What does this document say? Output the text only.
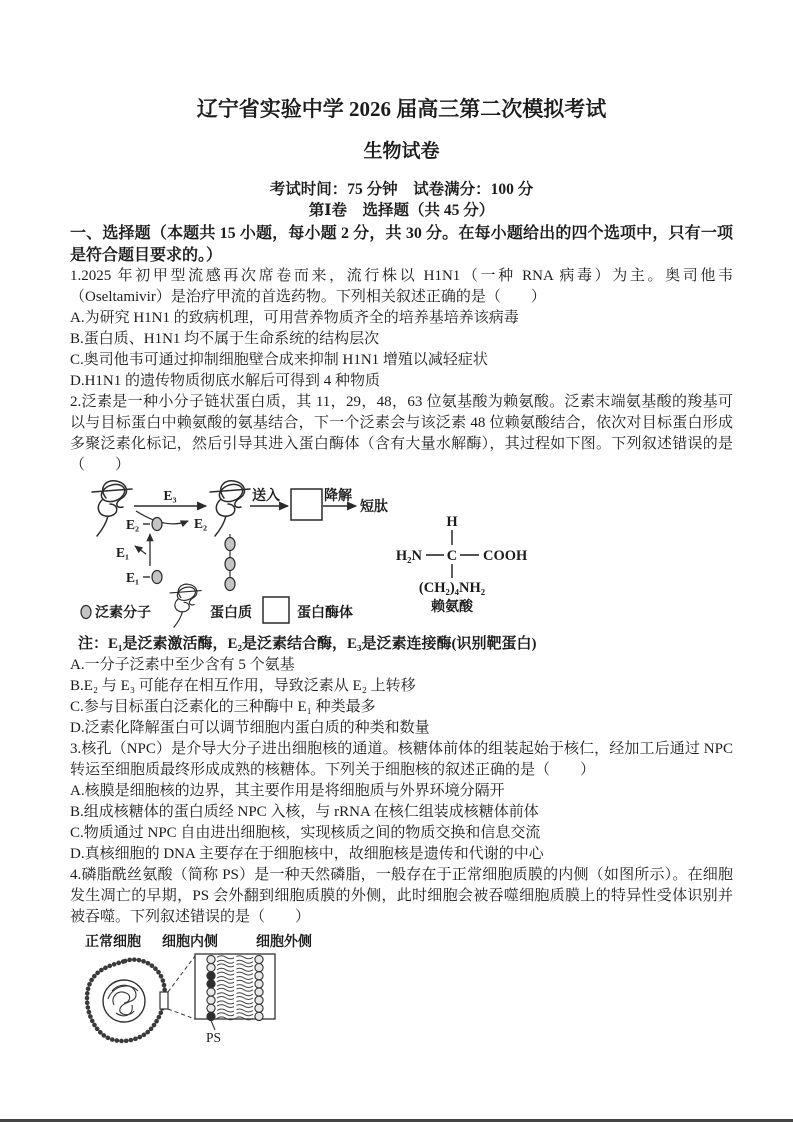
辽宁省实验中学 2026 届高三第二次模拟考试

生物试卷

考试时间：75 分钟　试卷满分：100 分

第Ⅰ卷　选择题（共 45 分）

一、选择题（本题共 15 小题，每小题 2 分，共 30 分。在每小题给出的四个选项中，只有一项是符合题目要求的。）

1.2025 年初甲型流感再次席卷而来，流行株以 H1N1（一种 RNA 病毒）为主。奥司他韦（Oseltamivir）是治疗甲流的首选药物。下列相关叙述正确的是（　　）

A.为研究 H1N1 的致病机理，可用营养物质齐全的培养基培养该病毒

B.蛋白质、H1N1 均不属于生命系统的结构层次

C.奥司他韦可通过抑制细胞壁合成来抑制 H1N1 增殖以减轻症状

D.H1N1 的遗传物质彻底水解后可得到 4 种物质

2.泛素是一种小分子链状蛋白质，其 11，29，48，63 位氨基酸为赖氨酸。泛素末端氨基酸的羧基可以与目标蛋白中赖氨酸的氨基结合，下一个泛素会与该泛素 48 位赖氨酸结合，依次对目标蛋白形成多聚泛素化标记，然后引导其进入蛋白酶体（含有大量水解酶），其过程如下图。下列叙述错误的是（　　）

E₃
E₂
E₂
E₁
E₁
送入	降解
短肽
泛素分子	蛋白质	蛋白酶体
H
H₂N C COOH
(CH₂)₄NH₂
赖氨酸

注：E₁是泛素激活酶，E₂是泛素结合酶，E₃是泛素连接酶(识别靶蛋白)

A.一分子泛素中至少含有 5 个氨基

B.E₂ 与 E₃ 可能存在相互作用，导致泛素从 E₂ 上转移

C.参与目标蛋白泛素化的三种酶中 E₁ 种类最多

D.泛素化降解蛋白可以调节细胞内蛋白质的种类和数量

3.核孔（NPC）是介导大分子进出细胞核的通道。核糖体前体的组装起始于核仁，经加工后通过 NPC 转运至细胞质最终形成成熟的核糖体。下列关于细胞核的叙述正确的是（　　）

A.核膜是细胞核的边界，其主要作用是将细胞质与外界环境分隔开

B.组成核糖体的蛋白质经 NPC 入核，与 rRNA 在核仁组装成核糖体前体

C.物质通过 NPC 自由进出细胞核，实现核质之间的物质交换和信息交流

D.真核细胞的 DNA 主要存在于细胞核中，故细胞核是遗传和代谢的中心

4.磷脂酰丝氨酸（简称 PS）是一种天然磷脂，一般存在于正常细胞质膜的内侧（如图所示）。在细胞发生凋亡的早期，PS 会外翻到细胞质膜的外侧，此时细胞会被吞噬细胞质膜上的特异性受体识别并被吞噬。下列叙述错误的是（　　）

正常细胞 细胞内侧	细胞外侧
PS
